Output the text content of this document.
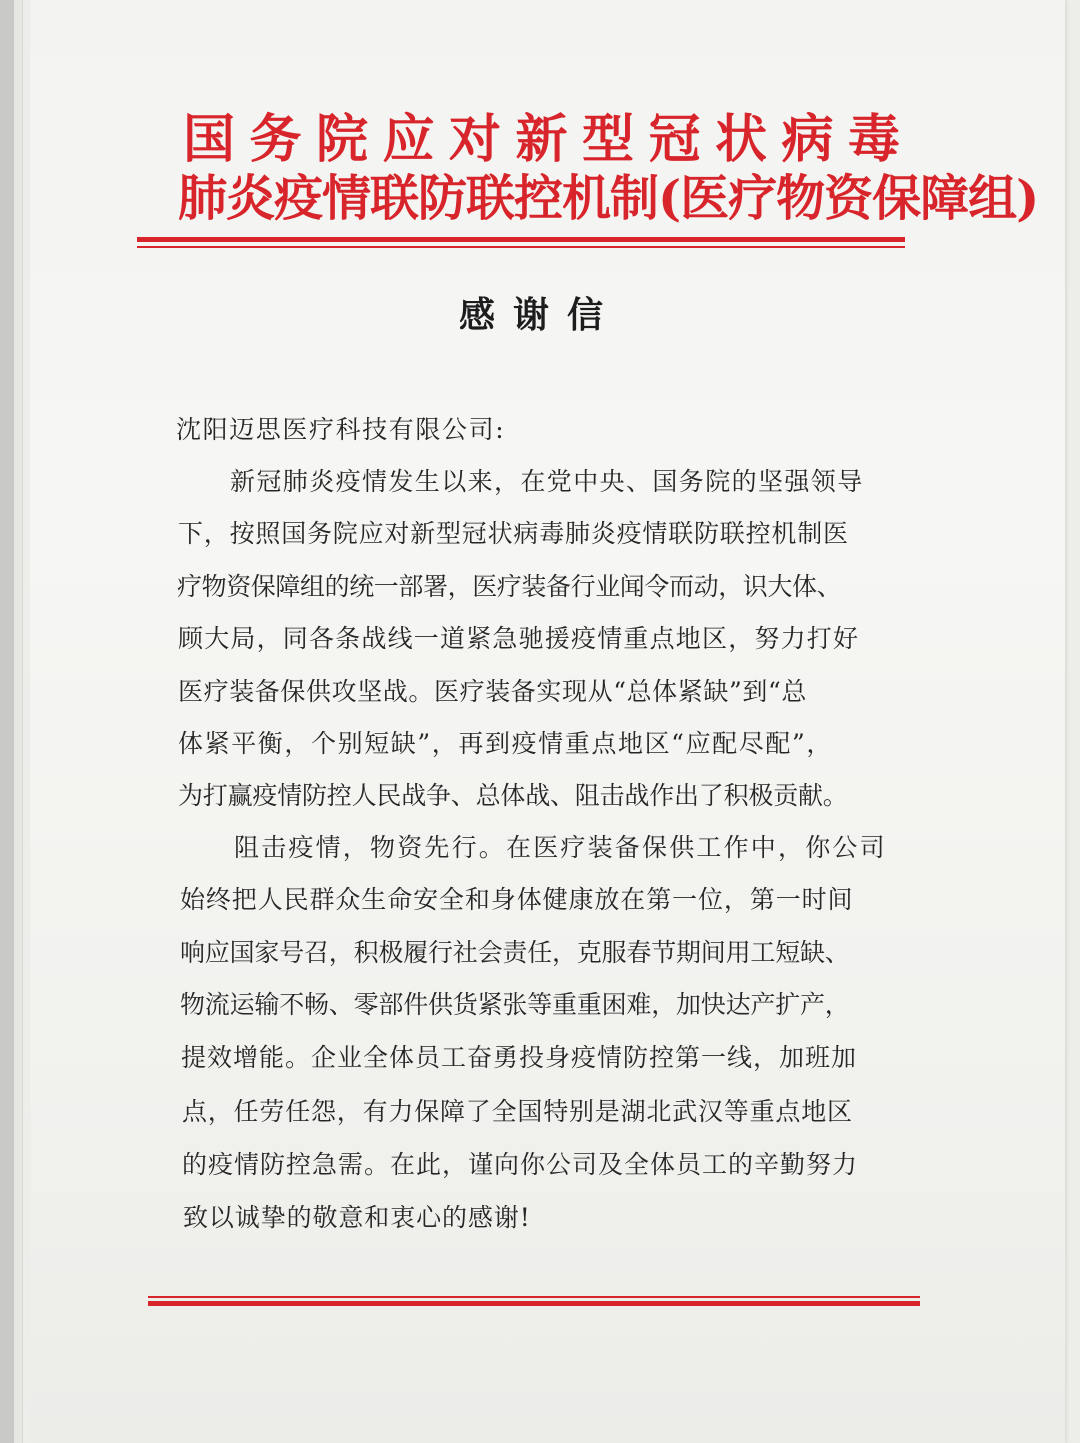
国务院应对新型冠状病毒
肺炎疫情联防联控机制(医疗物资保障组)
感谢信
沈阳迈思医疗科技有限公司:
新冠肺炎疫情发生以来，在党中央、国务院的坚强领导
下，按照国务院应对新型冠状病毒肺炎疫情联防联控机制医
疗物资保障组的统一部署，医疗装备行业闻令而动，识大体、
顾大局，同各条战线一道紧急驰援疫情重点地区，努力打好
医疗装备保供攻坚战。医疗装备实现从“总体紧缺”到“总
体紧平衡，个别短缺”，再到疫情重点地区“应配尽配”，
为打赢疫情防控人民战争、总体战、阻击战作出了积极贡献。
阻击疫情，物资先行。在医疗装备保供工作中，你公司
始终把人民群众生命安全和身体健康放在第一位，第一时间
响应国家号召，积极履行社会责任，克服春节期间用工短缺、
物流运输不畅、零部件供货紧张等重重困难，加快达产扩产，
提效增能。企业全体员工奋勇投身疫情防控第一线，加班加
点，任劳任怨，有力保障了全国特别是湖北武汉等重点地区
的疫情防控急需。在此，谨向你公司及全体员工的辛勤努力
致以诚挚的敬意和衷心的感谢!
